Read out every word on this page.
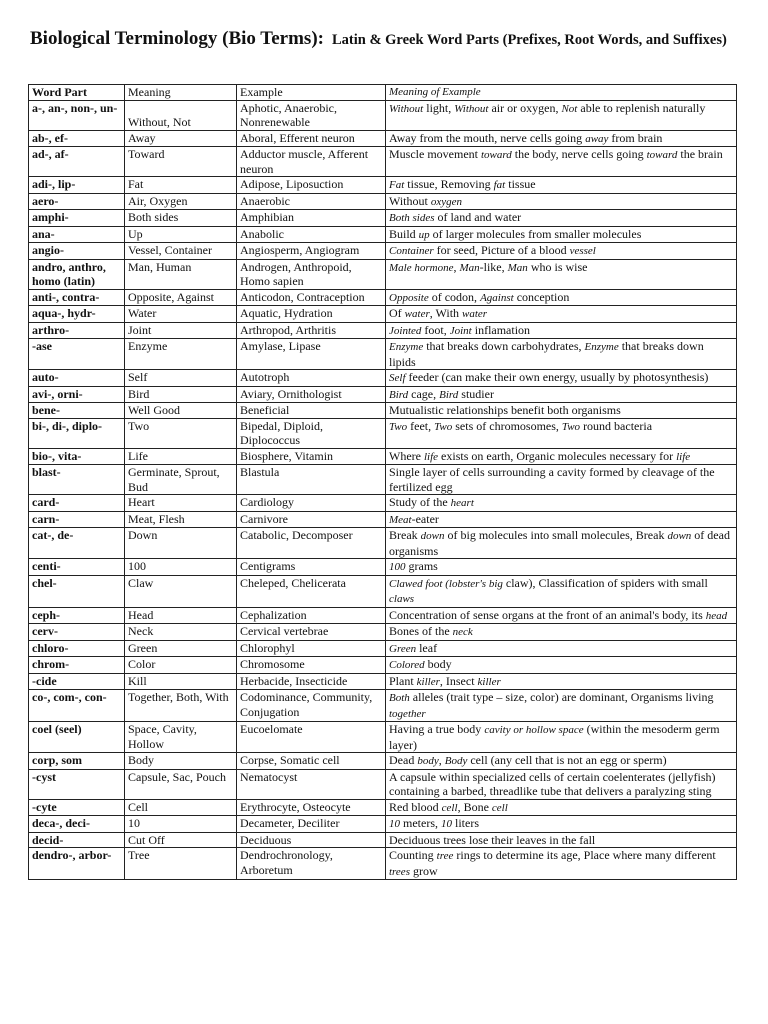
Biological Terminology (Bio Terms): Latin & Greek Word Parts (Prefixes, Root Words, and Suffixes)
Word Part	Meaning	Example	Meaning of Example
a-, an-, non-, un-	Without, Not	Aphotic, Anaerobic, Nonrenewable	Without light, Without air or oxygen, Not able to replenish naturally
ab-, ef-	Away	Aboral, Efferent neuron	Away from the mouth, nerve cells going away from brain
ad-, af-	Toward	Adductor muscle, Afferent neuron	Muscle movement toward the body, nerve cells going toward the brain
adi-, lip-	Fat	Adipose, Liposuction	Fat tissue, Removing fat tissue
aero-	Air, Oxygen	Anaerobic	Without oxygen
amphi-	Both sides	Amphibian	Both sides of land and water
ana-	Up	Anabolic	Build up of larger molecules from smaller molecules
angio-	Vessel, Container	Angiosperm, Angiogram	Container for seed, Picture of a blood vessel
andro, anthro, homo (latin)	Man, Human	Androgen, Anthropoid, Homo sapien	Male hormone, Man-like, Man who is wise
anti-, contra-	Opposite, Against	Anticodon, Contraception	Opposite of codon, Against conception
aqua-, hydr-	Water	Aquatic, Hydration	Of water, With water
arthro-	Joint	Arthropod, Arthritis	Jointed foot, Joint inflamation
-ase	Enzyme	Amylase, Lipase	Enzyme that breaks down carbohydrates, Enzyme that breaks down lipids
auto-	Self	Autotroph	Self feeder (can make their own energy, usually by photosynthesis)
avi-, orni-	Bird	Aviary, Ornithologist	Bird cage, Bird studier
bene-	Well Good	Beneficial	Mutualistic relationships benefit both organisms
bi-, di-, diplo-	Two	Bipedal, Diploid, Diplococcus	Two feet, Two sets of chromosomes, Two round bacteria
bio-, vita-	Life	Biosphere, Vitamin	Where life exists on earth, Organic molecules necessary for life
blast-	Germinate, Sprout, Bud	Blastula	Single layer of cells surrounding a cavity formed by cleavage of the fertilized egg
card-	Heart	Cardiology	Study of the heart
carn-	Meat, Flesh	Carnivore	Meat-eater
cat-, de-	Down	Catabolic, Decomposer	Break down of big molecules into small molecules, Break down of dead organisms
centi-	100	Centigrams	100 grams
chel-	Claw	Cheleped, Chelicerata	Clawed foot (lobster's big claw), Classification of spiders with small claws
ceph-	Head	Cephalization	Concentration of sense organs at the front of an animal's body, its head
cerv-	Neck	Cervical vertebrae	Bones of the neck
chloro-	Green	Chlorophyl	Green leaf
chrom-	Color	Chromosome	Colored body
-cide	Kill	Herbacide, Insecticide	Plant killer, Insect killer
co-, com-, con-	Together, Both, With	Codominance, Community, Conjugation	Both alleles (trait type – size, color) are dominant, Organisms living together
coel (seel)	Space, Cavity, Hollow	Eucoelomate	Having a true body cavity or hollow space (within the mesoderm germ layer)
corp, som	Body	Corpse, Somatic cell	Dead body, Body cell (any cell that is not an egg or sperm)
-cyst	Capsule, Sac, Pouch	Nematocyst	A capsule within specialized cells of certain coelenterates (jellyfish) containing a barbed, threadlike tube that delivers a paralyzing sting
-cyte	Cell	Erythrocyte, Osteocyte	Red blood cell, Bone cell
deca-, deci-	10	Decameter, Deciliter	10 meters, 10 liters
decid-	Cut Off	Deciduous	Deciduous trees lose their leaves in the fall
dendro-, arbor-	Tree	Dendrochronology, Arboretum	Counting tree rings to determine its age, Place where many different trees grow
